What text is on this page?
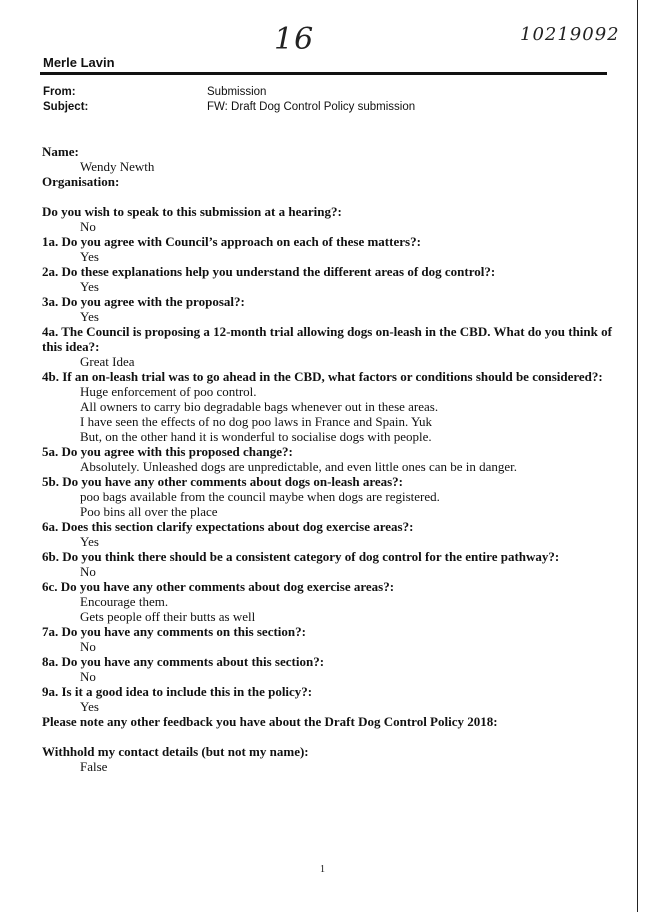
16	10219092
Merle Lavin
From:	Submission
Subject:	FW: Draft Dog Control Policy submission

Name:

Wendy Newth

Organisation:

Do you wish to speak to this submission at a hearing?:

No

1a. Do you agree with Council’s approach on each of these matters?:

Yes

2a. Do these explanations help you understand the different areas of dog control?:

Yes

3a. Do you agree with the proposal?:

Yes

4a. The Council is proposing a 12-month trial allowing dogs on-leash in the CBD. What do you think of this idea?:

Great Idea

4b. If an on-leash trial was to go ahead in the CBD, what factors or conditions should be considered?:

Huge enforcement of poo control.

All owners to carry bio degradable bags whenever out in these areas.

I have seen the effects of no dog poo laws in France and Spain. Yuk

But, on the other hand it is wonderful to socialise dogs with people.

5a. Do you agree with this proposed change?:

Absolutely. Unleashed dogs are unpredictable, and even little ones can be in danger.

5b. Do you have any other comments about dogs on-leash areas?:

poo bags available from the council maybe when dogs are registered.

Poo bins all over the place

6a. Does this section clarify expectations about dog exercise areas?:

Yes

6b. Do you think there should be a consistent category of dog control for the entire pathway?:

No

6c. Do you have any other comments about dog exercise areas?:

Encourage them.

Gets people off their butts as well

7a. Do you have any comments on this section?:

No

8a. Do you have any comments about this section?:

No

9a. Is it a good idea to include this in the policy?:

Yes

Please note any other feedback you have about the Draft Dog Control Policy 2018:

Withhold my contact details (but not my name):

False

1
